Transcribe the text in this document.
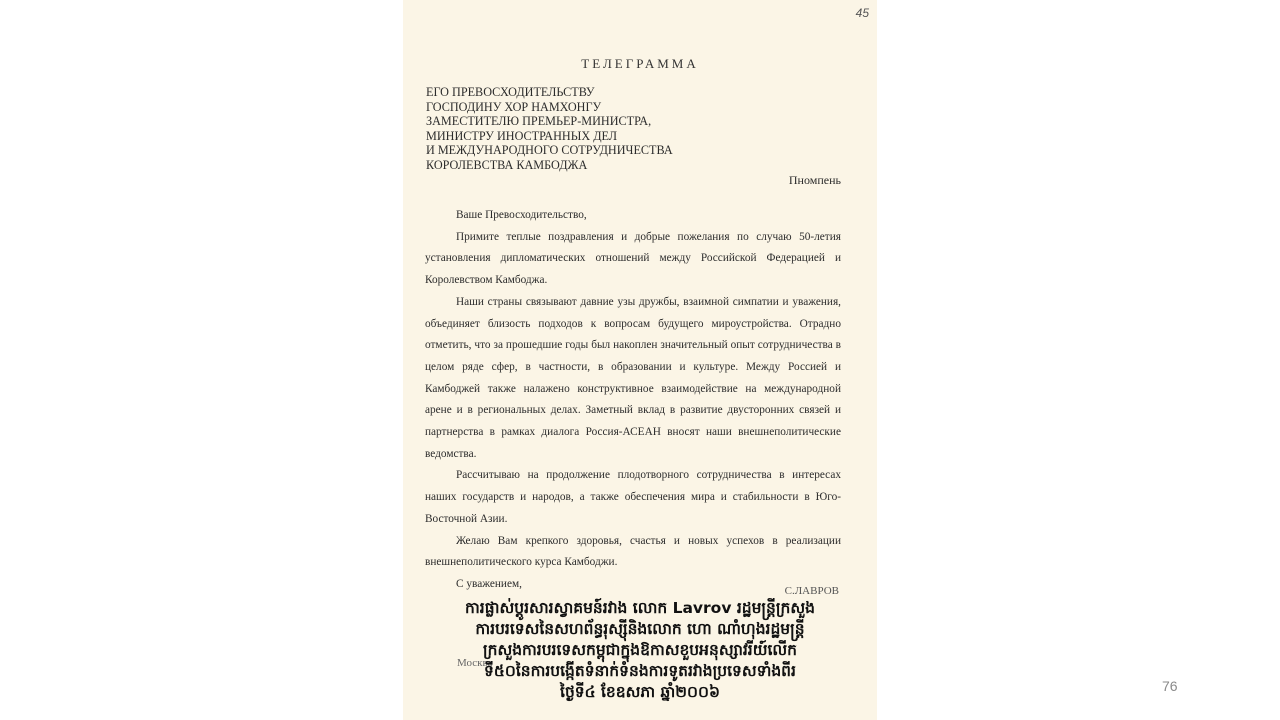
45
ТЕЛЕГРАММА
ЕГО ПРЕВОСХОДИТЕЛЬСТВУ
ГОСПОДИНУ ХОР НАМХОНГУ
ЗАМЕСТИТЕЛЮ ПРЕМЬЕР-МИНИСТРА,
МИНИСТРУ ИНОСТРАННЫХ ДЕЛ
И МЕЖДУНАРОДНОГО СОТРУДНИЧЕСТВА
КОРОЛЕВСТВА КАМБОДЖА
Пномпень

Ваше Превосходительство,

Примите теплые поздравления и добрые пожелания по случаю 50-летия установления дипломатических отношений между Российской Федерацией и Королевством Камбоджа.

Наши страны связывают давние узы дружбы, взаимной симпатии и уважения, объединяет близость подходов к вопросам будущего мироустройства. Отрадно отметить, что за прошедшие годы был накоплен значительный опыт сотрудничества в целом ряде сфер, в частности, в образовании и культуре. Между Россией и Камбоджей также налажено конструктивное взаимодействие на международной арене и в региональных делах. Заметный вклад в развитие двусторонних связей и партнерства в рамках диалога Россия-АСЕАН вносят наши внешнеполитические ведомства.

Рассчитываю на продолжение плодотворного сотрудничества в интересах наших государств и народов, а также обеспечения мира и стабильности в Юго-Восточной Азии.

Желаю Вам крепкого здоровья, счастья и новых успехов в реализации внешнеполитического курса Камбоджи.

С уважением,

С.ЛАВРОВ
Москва
ការផ្លាស់ប្តូរសារស្វាគមន៍រវាង លោក Lavrov រដ្ឋមន្ត្រីក្រសួង
ការបរទេសនៃសហព័ន្ធរុស្ស៊ីនិងលោក ហោ ណាំហុងរដ្ឋមន្ត្រី
ក្រសួងការបរទេសកម្ពុជាក្នុងឱកាសខួបអនុស្សាវរីយ៍លើក
ទី៥០នៃការបង្កើតទំនាក់ទំនងការទូតរវាងប្រទេសទាំងពីរ
ថ្ងៃទី៤ ខែឧសភា ឆ្នាំ២០០៦	76
